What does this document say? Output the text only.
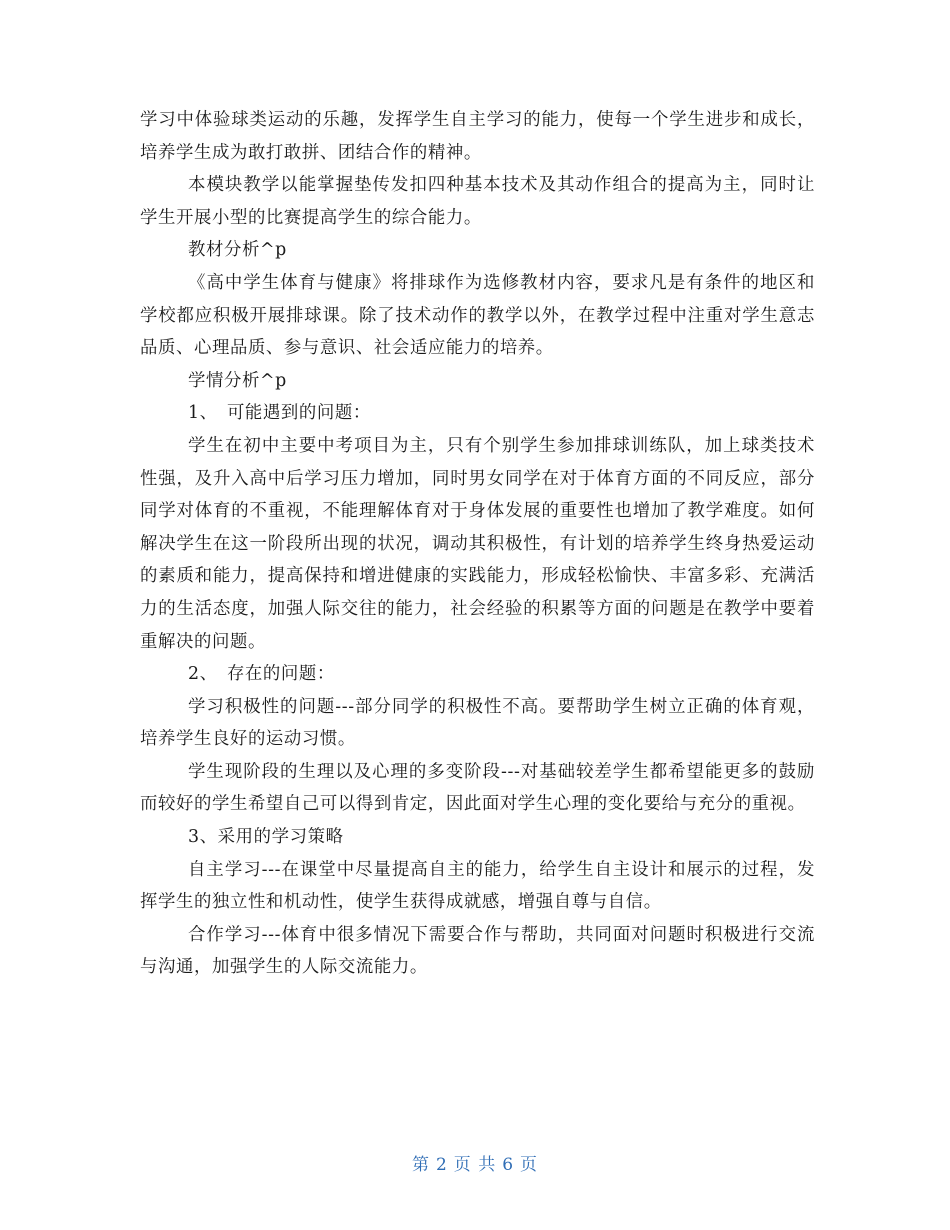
学习中体验球类运动的乐趣，发挥学生自主学习的能力，使每一个学生进步和成长，培养学生成为敢打敢拼、团结合作的精神。

本模块教学以能掌握垫传发扣四种基本技术及其动作组合的提高为主，同时让学生开展小型的比赛提高学生的综合能力。

教材分析^p

《高中学生体育与健康》将排球作为选修教材内容，要求凡是有条件的地区和学校都应积极开展排球课。除了技术动作的教学以外，在教学过程中注重对学生意志品质、心理品质、参与意识、社会适应能力的培养。

学情分析^p

1、　可能遇到的问题：

学生在初中主要中考项目为主，只有个别学生参加排球训练队，加上球类技术性强，及升入高中后学习压力增加，同时男女同学在对于体育方面的不同反应，部分同学对体育的不重视，不能理解体育对于身体发展的重要性也增加了教学难度。如何解决学生在这一阶段所出现的状况，调动其积极性，有计划的培养学生终身热爱运动的素质和能力，提高保持和增进健康的实践能力，形成轻松愉快、丰富多彩、充满活力的生活态度，加强人际交往的能力，社会经验的积累等方面的问题是在教学中要着重解决的问题。

2、　存在的问题：

学习积极性的问题---部分同学的积极性不高。要帮助学生树立正确的体育观，培养学生良好的运动习惯。

学生现阶段的生理以及心理的多变阶段---对基础较差学生都希望能更多的鼓励而较好的学生希望自己可以得到肯定，因此面对学生心理的变化要给与充分的重视。

3、采用的学习策略

自主学习---在课堂中尽量提高自主的能力，给学生自主设计和展示的过程，发挥学生的独立性和机动性，使学生获得成就感，增强自尊与自信。

合作学习---体育中很多情况下需要合作与帮助，共同面对问题时积极进行交流与沟通，加强学生的人际交流能力。

第 2 页 共 6 页
